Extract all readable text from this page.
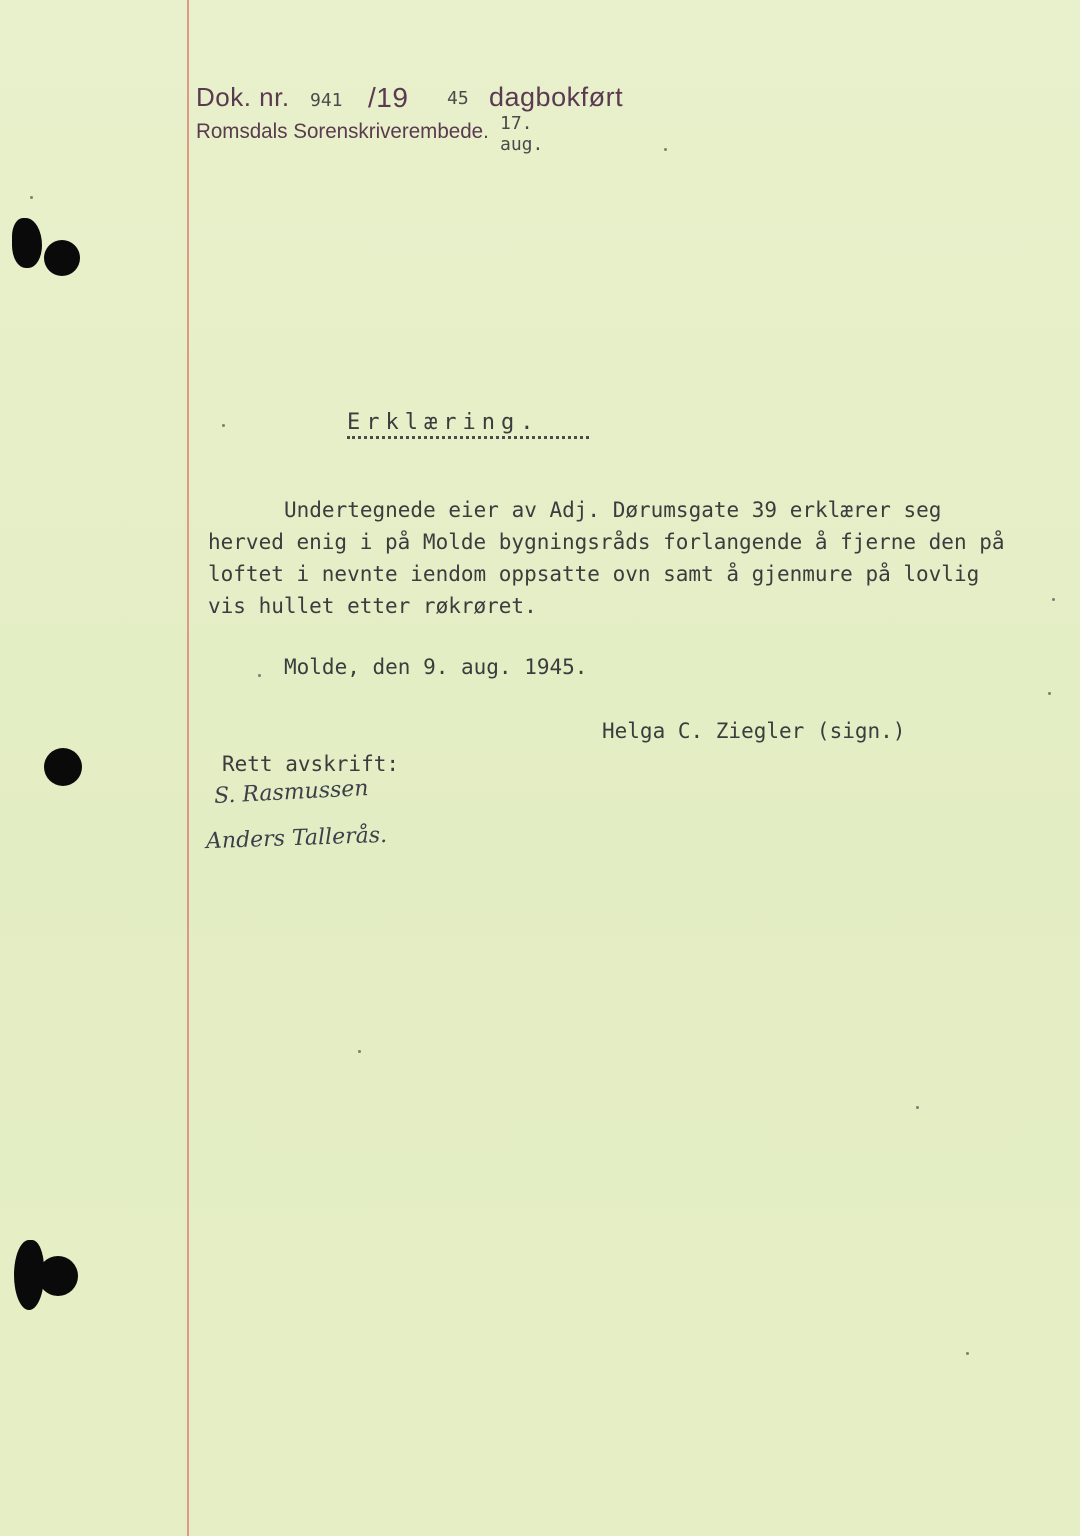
Dok. nr. 941 /19 45 dagbokført
Romsdals Sorenskriverembede. 17. aug.
Erklæring.

Undertegnede eier av Adj. Dørumsgate 39 erklærer seg
herved enig i på Molde bygningsråds forlangende å fjerne den på
loftet i nevnte iendom oppsatte ovn samt å gjenmure på lovlig
vis hullet etter røkrøret.

Molde, den 9. aug. 1945.
Helga C. Ziegler (sign.)
Rett avskrift:
S. Rasmussen
Anders Tallerås.
